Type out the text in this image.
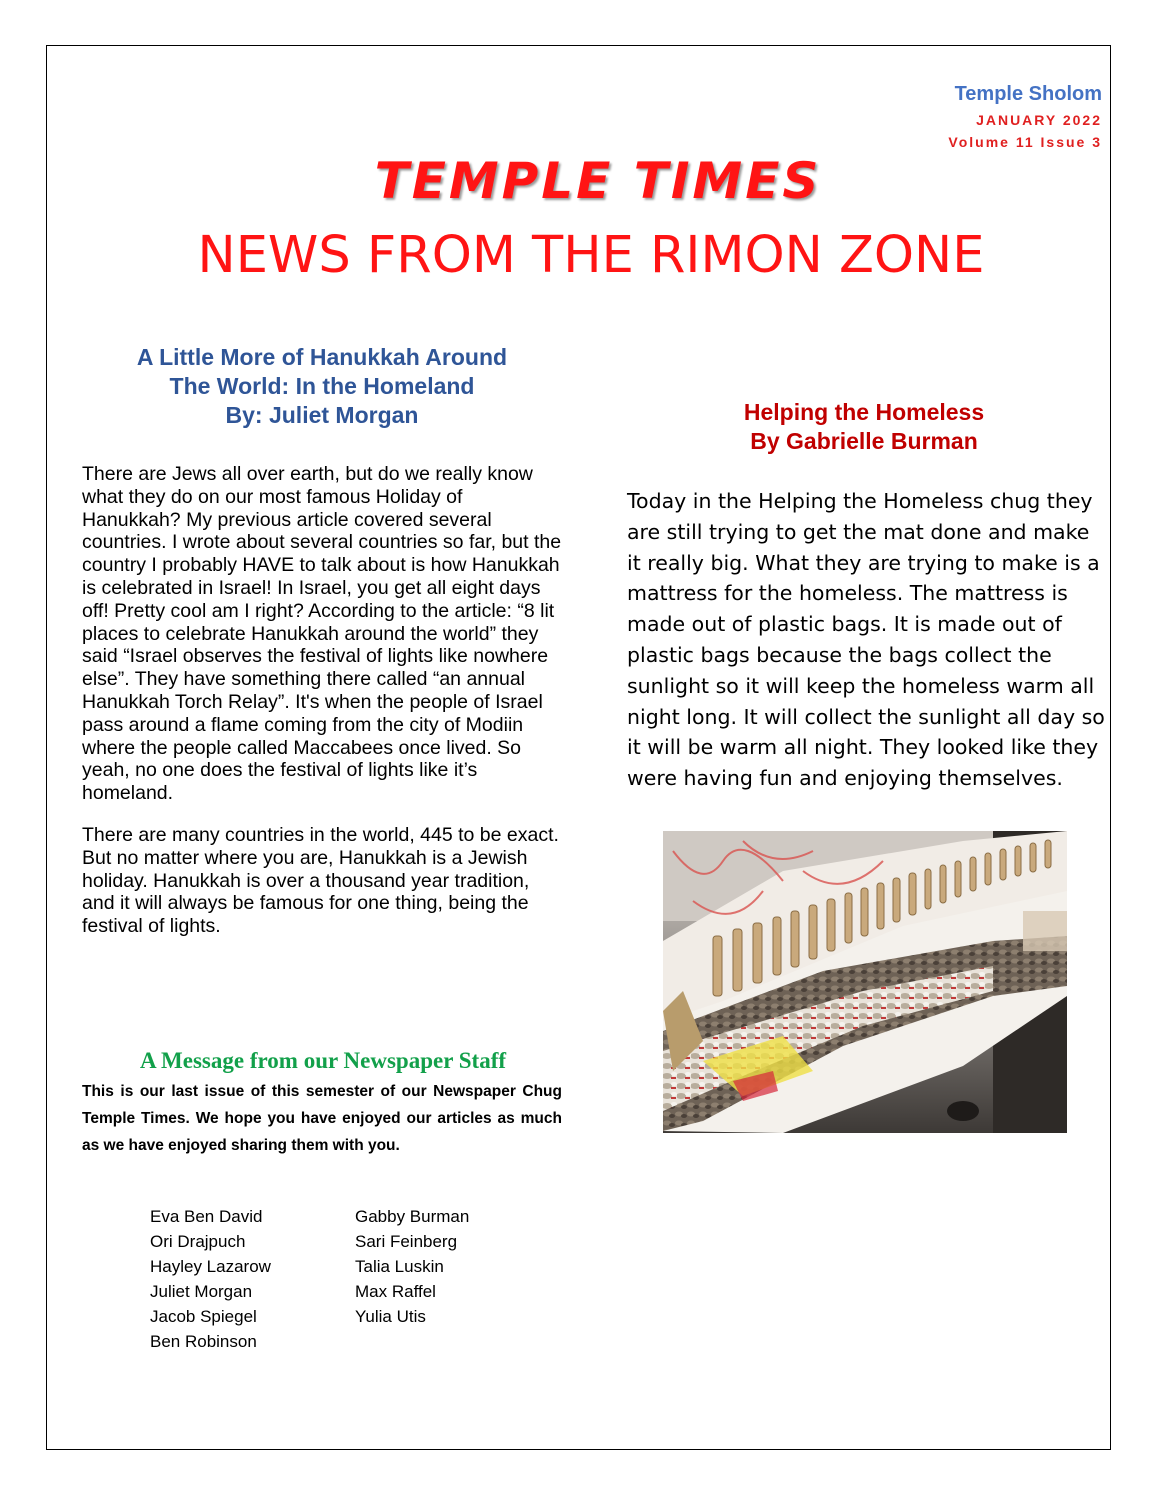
Temple Sholom
JANUARY 2022
Volume 11 Issue 3
TEMPLE TIMES
NEWS FROM THE RIMON ZONE
A Little More of Hanukkah Around
The World: In the Homeland
By: Juliet Morgan

There are Jews all over earth, but do we really know what they do on our most famous Holiday of Hanukkah? My previous article covered several countries. I wrote about several countries so far, but the country I probably HAVE to talk about is how Hanukkah is celebrated in Israel! In Israel, you get all eight days off! Pretty cool am I right? According to the article: “8 lit places to celebrate Hanukkah around the world” they said “Israel observes the festival of lights like nowhere else”. They have something there called “an annual Hanukkah Torch Relay”. It's when the people of Israel pass around a flame coming from the city of Modiin where the people called Maccabees once lived. So yeah, no one does the festival of lights like it’s homeland.

There are many countries in the world, 445 to be exact. But no matter where you are, Hanukkah is a Jewish holiday. Hanukkah is over a thousand year tradition, and it will always be famous for one thing, being the festival of lights.

Helping the Homeless
By Gabrielle Burman
Today in the Helping the Homeless chug they are still trying to get the mat done and make it really big. What they are trying to make is a mattress for the homeless. The mattress is made out of plastic bags. It is made out of plastic bags because the bags collect the sunlight so it will keep the homeless warm all night long. It will collect the sunlight all day so it will be warm all night. They looked like they were having fun and enjoying themselves.
A Message from our Newspaper Staff
This is our last issue of this semester of our Newspaper Chug Temple Times. We hope you have enjoyed our articles as much as we have enjoyed sharing them with you.
Eva Ben David
Ori Drajpuch
Hayley Lazarow
Juliet Morgan
Jacob Spiegel
Ben Robinson
Gabby Burman
Sari Feinberg
Talia Luskin
Max Raffel
Yulia Utis
